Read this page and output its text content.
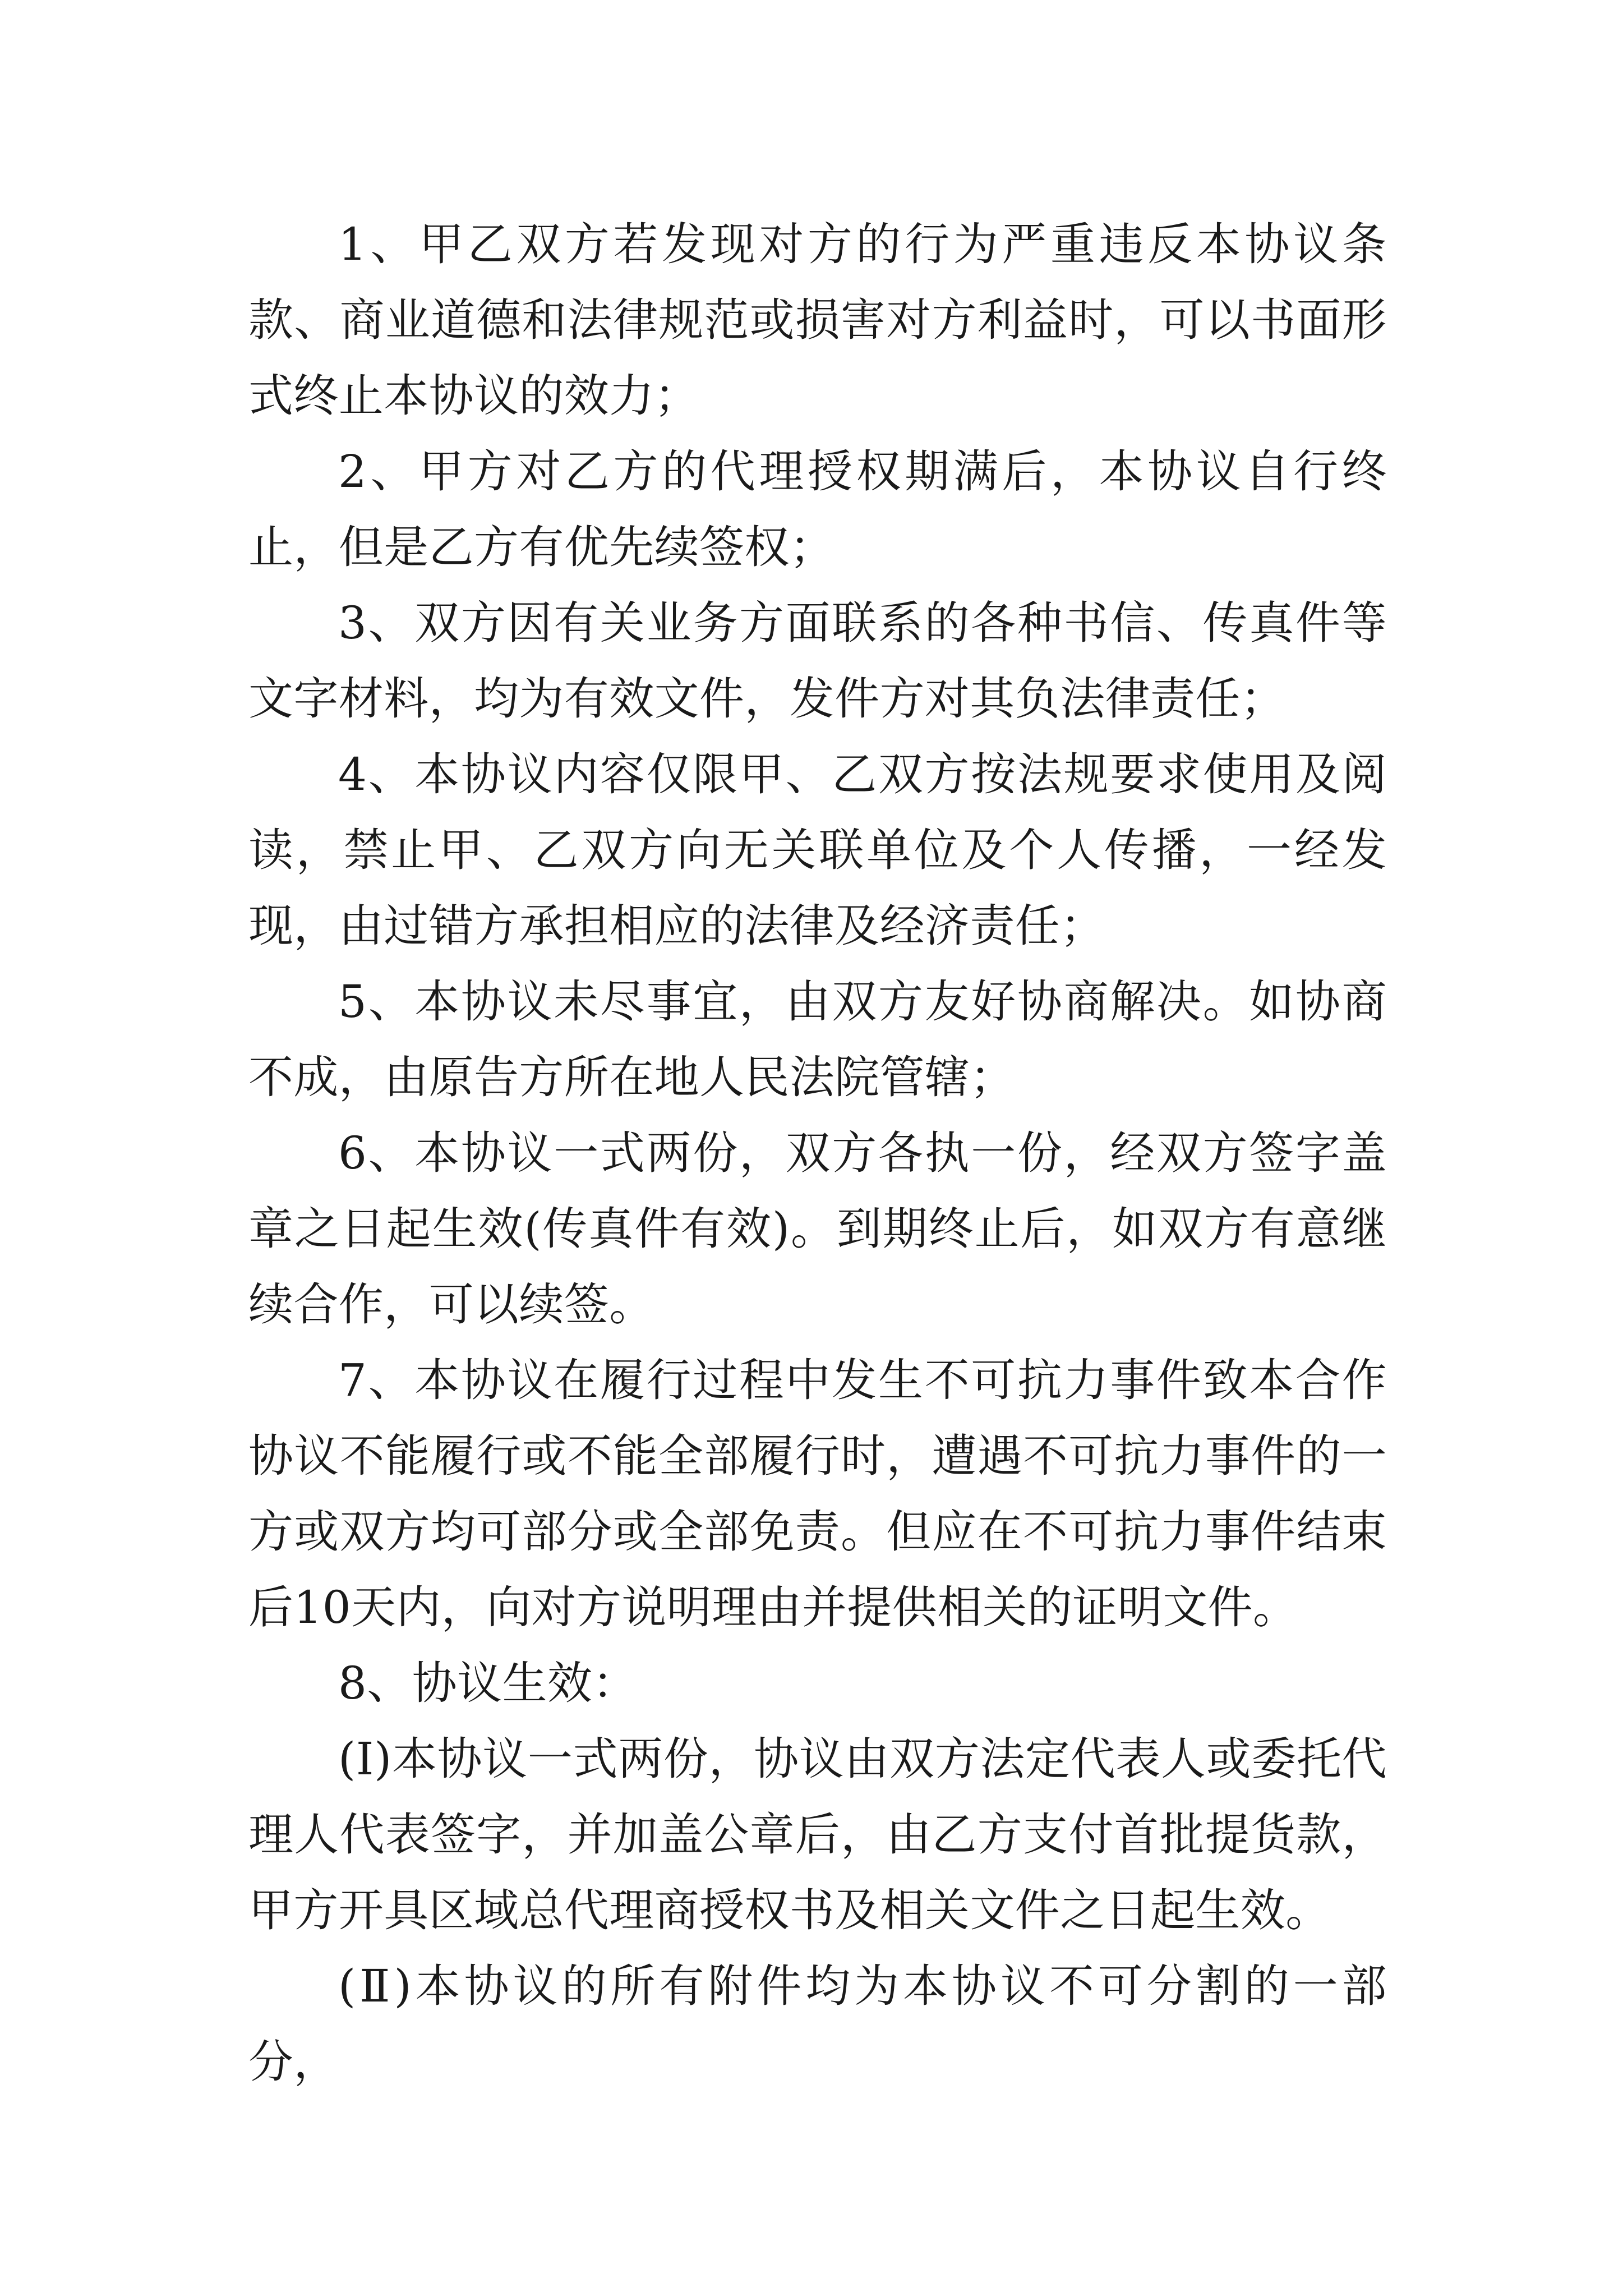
1、甲乙双方若发现对方的行为严重违反本协议条款、商业道德和法律规范或损害对方利益时，可以书面形式终止本协议的效力；

2、甲方对乙方的代理授权期满后，本协议自行终止，但是乙方有优先续签权；

3、双方因有关业务方面联系的各种书信、传真件等文字材料，均为有效文件，发件方对其负法律责任；

4、本协议内容仅限甲、乙双方按法规要求使用及阅读，禁止甲、乙双方向无关联单位及个人传播，一经发现，由过错方承担相应的法律及经济责任；

5、本协议未尽事宜，由双方友好协商解决。如协商不成，由原告方所在地人民法院管辖；

6、本协议一式两份，双方各执一份，经双方签字盖章之日起生效(传真件有效)。到期终止后，如双方有意继续合作，可以续签。

7、本协议在履行过程中发生不可抗力事件致本合作协议不能履行或不能全部履行时，遭遇不可抗力事件的一方或双方均可部分或全部免责。但应在不可抗力事件结束后10天内，向对方说明理由并提供相关的证明文件。

8、协议生效：

(Ⅰ)本协议一式两份，协议由双方法定代表人或委托代理人代表签字，并加盖公章后，由乙方支付首批提货款，甲方开具区域总代理商授权书及相关文件之日起生效。

(Ⅱ)本协议的所有附件均为本协议不可分割的一部分，
